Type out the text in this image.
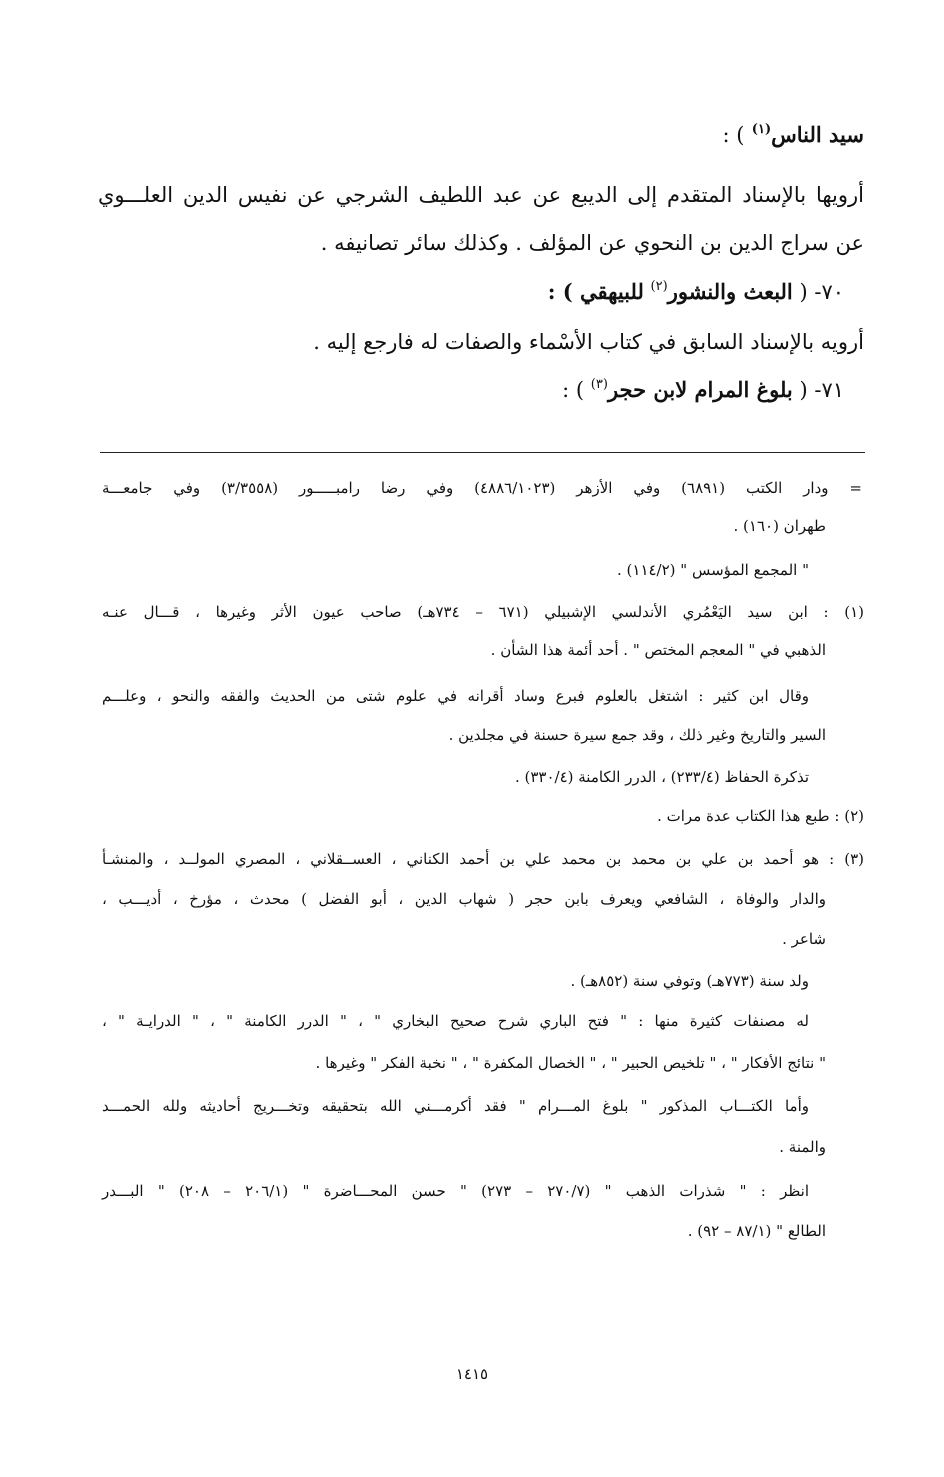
سيد الناس$^{(١)}$ ) :
أرويها بالإسناد المتقدم إلى الديبع عن عبد اللطيف الشرجي عن نفيس الدين العلـــوي
عن سراج الدين بن النحوي عن المؤلف . وكذلك سائر تصانيفه .
٧٠- ( البعث والنشور$^{(٢)}$ للبيهقي ) :
أرويه بالإسناد السابق في كتاب الأسْماء والصفات له فارجع إليه .
٧١- ( بلوغ المرام لابن حجر$^{(٣)}$ ) :
= ودار الكتب (٦٨٩١) وفي الأزهر (٤٨٨٦/١٠٢٣) وفي رضا رامبـــــور (٣/٣٥٥٨) وفي جامعـــة
طهران (١٦٠) .
" المجمع المؤسس " (١١٤/٢) .
(١) : ابن سيد اليَعْمُري الأندلسي الإشبيلي (٦٧١ – ٧٣٤هـ) صاحب عيون الأثر وغيرها ، قـــال عنـه
الذهبي في " المعجم المختص " . أحد أئمة هذا الشأن .
وقال ابن كثير : اشتغل بالعلوم فبرع وساد أقرانه في علوم شتى من الحديث والفقه والنحو ، وعلـــم
السير والتاريخ وغير ذلك ، وقد جمع سيرة حسنة في مجلدين .
تذكرة الحفاظ (٢٣٣/٤) ، الدرر الكامنة (٣٣٠/٤) .
(٢) : طبع هذا الكتاب عدة مرات .
(٣) : هو أحمد بن علي بن محمد بن محمد علي بن أحمد الكناني ، العســقلاني ، المصري المولــد ، والمنشـأ
والدار والوفاة ، الشافعي ويعرف بابن حجر ( شهاب الدين ، أبو الفضل ) محدث ، مؤرخ ، أديـــب ،
شاعر .
ولد سنة (٧٧٣هـ) وتوفي سنة (٨٥٢هـ) .
له مصنفات كثيرة منها : " فتح الباري شرح صحيح البخاري " ، " الدرر الكامنة " ، " الدرايـة " ،
" نتائج الأفكار " ، " تلخيص الحبير " ، " الخصال المكفرة " ، " نخبة الفكر " وغيرها .
وأما الكتـــاب المذكور " بلوغ المـــرام " فقد أكرمـــني الله بتحقيقه وتخـــريج أحاديثه ولله الحمـــد
والمنة .
انظر : " شذرات الذهب " (٢٧٠/٧ – ٢٧٣) " حسن المحـــاضرة " (٢٠٦/١ – ٢٠٨) " البـــدر
الطالع " (٨٧/١ – ٩٢) .
١٤١٥
